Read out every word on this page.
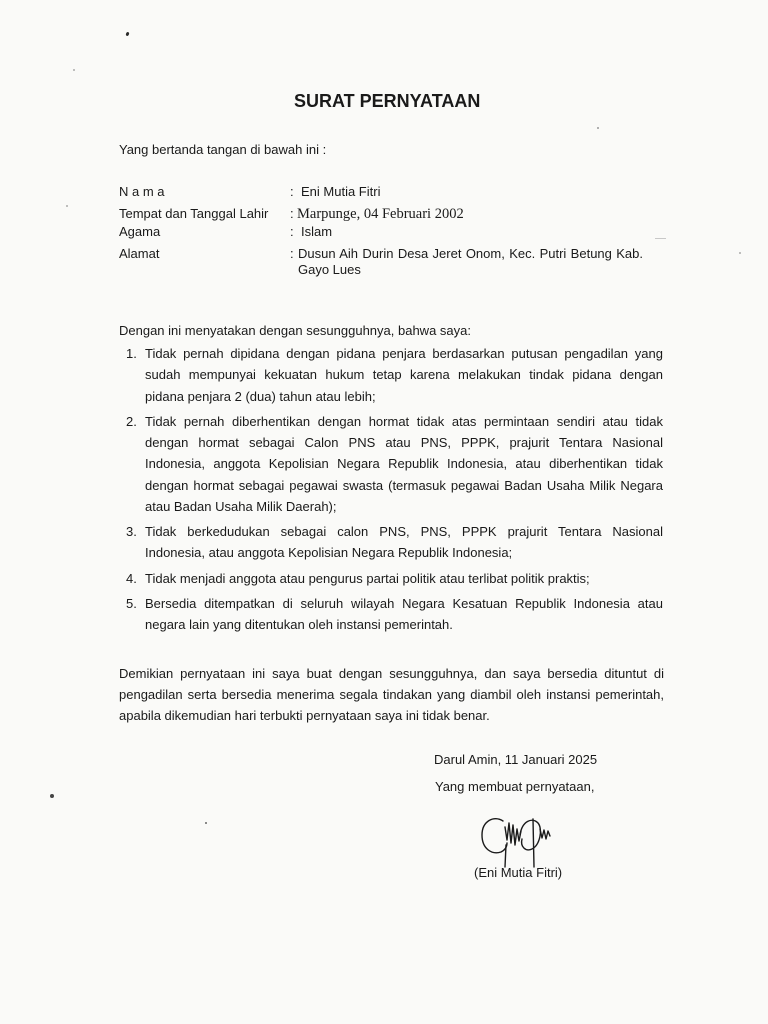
SURAT PERNYATAAN
Yang bertanda tangan di bawah ini :
N a m a	: Eni Mutia Fitri
Tempat dan Tanggal Lahir : Marpunge, 04 Februari 2002
Agama	: Islam
Alamat	: Dusun Aih Durin Desa Jeret Onom, Kec. Putri Betung Kab.
Gayo Lues
Dengan ini menyatakan dengan sesungguhnya, bahwa saya:
1. Tidak pernah dipidana dengan pidana penjara berdasarkan putusan pengadilan yang
sudah mempunyai kekuatan hukum tetap karena melakukan tindak pidana dengan
pidana penjara 2 (dua) tahun atau lebih;
2. Tidak pernah diberhentikan dengan hormat tidak atas permintaan sendiri atau tidak
dengan hormat sebagai Calon PNS atau PNS, PPPK, prajurit Tentara Nasional
Indonesia, anggota Kepolisian Negara Republik Indonesia, atau diberhentikan tidak
dengan hormat sebagai pegawai swasta (termasuk pegawai Badan Usaha Milik Negara
atau Badan Usaha Milik Daerah);
3. Tidak berkedudukan sebagai calon PNS, PNS, PPPK prajurit Tentara Nasional
Indonesia, atau anggota Kepolisian Negara Republik Indonesia;
4. Tidak menjadi anggota atau pengurus partai politik atau terlibat politik praktis;
5. Bersedia ditempatkan di seluruh wilayah Negara Kesatuan Republik Indonesia atau
negara lain yang ditentukan oleh instansi pemerintah.
Demikian pernyataan ini saya buat dengan sesungguhnya, dan saya bersedia dituntut di
pengadilan serta bersedia menerima segala tindakan yang diambil oleh instansi pemerintah,
apabila dikemudian hari terbukti pernyataan saya ini tidak benar.
Darul Amin, 11 Januari 2025
Yang membuat pernyataan,
(Eni Mutia Fitri)
